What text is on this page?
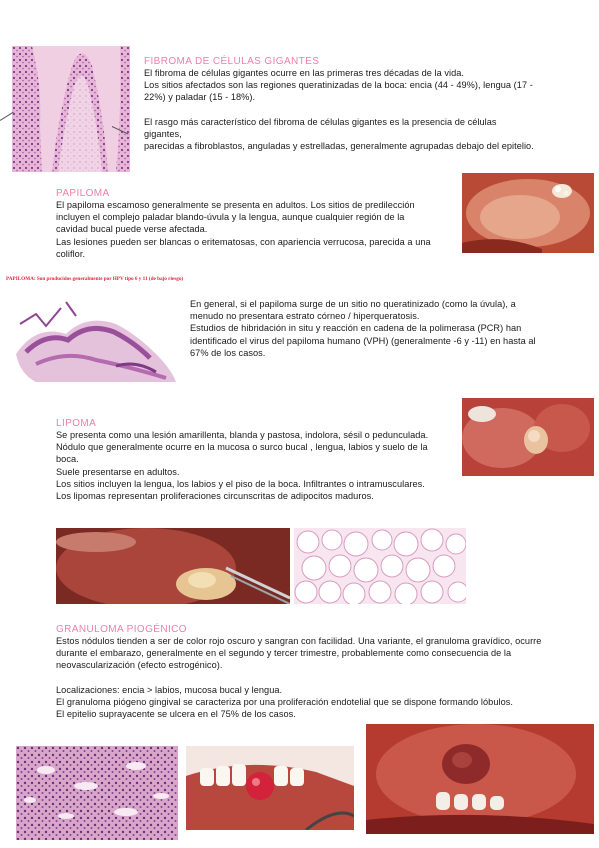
FIBROMA DE CÉLULAS GIGANTES

El fibroma de células gigantes ocurre en las primeras tres décadas de la vida.

Los sitios afectados son las regiones queratinizadas de la boca: encia (44 - 49%), lengua (17 - 22%) y paladar (15 - 18%).

El rasgo más característico del fibroma de células gigantes es la presencia de células gigantes,

parecidas a fibroblastos, anguladas y estrelladas, generalmente agrupadas debajo del epitelio.

PAPILOMA

El papiloma escamoso generalmente se presenta en adultos. Los sitios de predilección incluyen el complejo paladar blando-úvula y la lengua, aunque cualquier región de la cavidad bucal puede verse afectada.

Las lesiones pueden ser blancas o eritematosas, con apariencia verrucosa, parecida a una coliflor.

PAPILOMA: Son producidos generalmente por HPV tipo 6 y 11 (de bajo riesgo)

En general, si el papiloma surge de un sitio no queratinizado (como la úvula), a menudo no presentara estrato córneo / hiperqueratosis.

Estudios de hibridación in situ y reacción en cadena de la polimerasa (PCR) han identificado el virus del papiloma humano (VPH) (generalmente -6 y -11) en hasta al 67% de los casos.

LIPOMA

Se presenta como una lesión amarillenta, blanda y pastosa, indolora, sésil o pedunculada.

Nódulo que generalmente ocurre en la mucosa o surco bucal , lengua, labios y suelo de la boca.

Suele presentarse en adultos.

Los sitios incluyen la lengua, los labios y el piso de la boca. Infiltrantes o intramusculares.

Los lipomas representan proliferaciones circunscritas de adipocitos maduros.

GRANULOMA PIOGÉNICO

Estos nódulos tienden a ser de color rojo oscuro y sangran con facilidad. Una variante, el granuloma gravídico, ocurre durante el embarazo, generalmente en el segundo y tercer trimestre, probablemente como consecuencia de la neovascularización (efecto estrogénico).

Localizaciones: encia > labios, mucosa bucal y lengua.

El granuloma piógeno gingival se caracteriza por una proliferación endotelial que se dispone formando lóbulos.

El epitelio suprayacente se ulcera en el 75% de los casos.
